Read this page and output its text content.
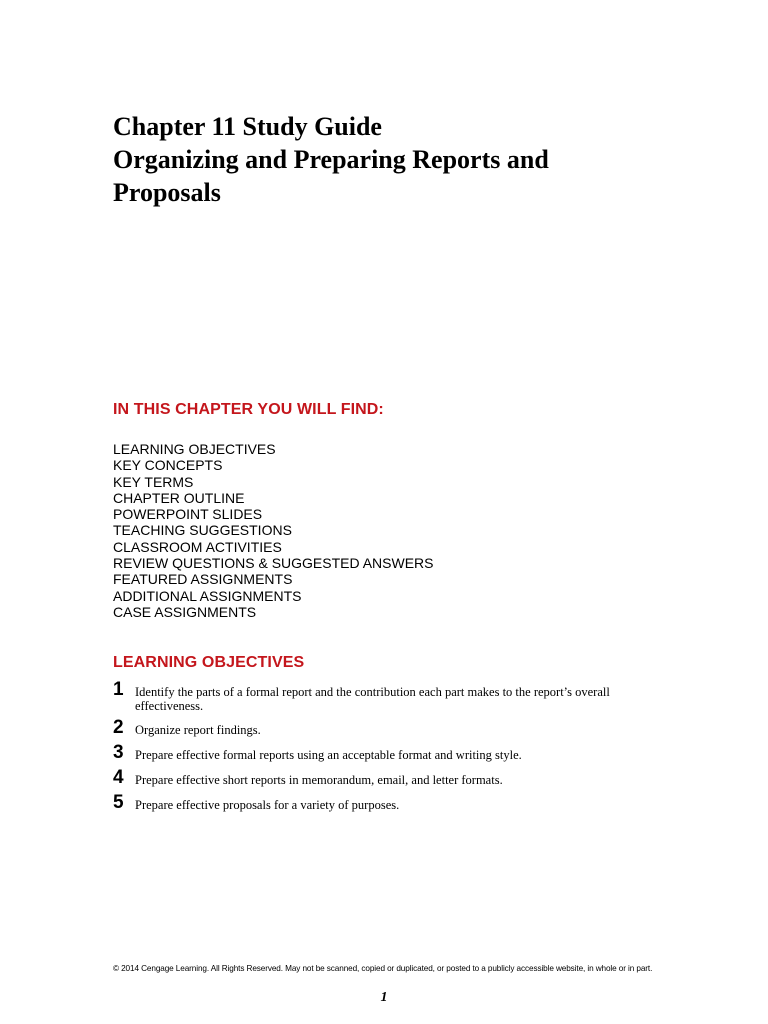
Chapter 11 Study Guide
Organizing and Preparing Reports and
Proposals
IN THIS CHAPTER YOU WILL FIND:
LEARNING OBJECTIVES
KEY CONCEPTS
KEY TERMS
CHAPTER OUTLINE
POWERPOINT SLIDES
TEACHING SUGGESTIONS
CLASSROOM ACTIVITIES
REVIEW QUESTIONS & SUGGESTED ANSWERS
FEATURED ASSIGNMENTS
ADDITIONAL ASSIGNMENTS
CASE ASSIGNMENTS
LEARNING OBJECTIVES
1 Identify the parts of a formal report and the contribution each part makes to the report’s overall effectiveness.
2 Organize report findings.
3 Prepare effective formal reports using an acceptable format and writing style.
4 Prepare effective short reports in memorandum, email, and letter formats.
5 Prepare effective proposals for a variety of purposes.
© 2014 Cengage Learning. All Rights Reserved. May not be scanned, copied or duplicated, or posted to a publicly accessible website, in whole or in part.
1
